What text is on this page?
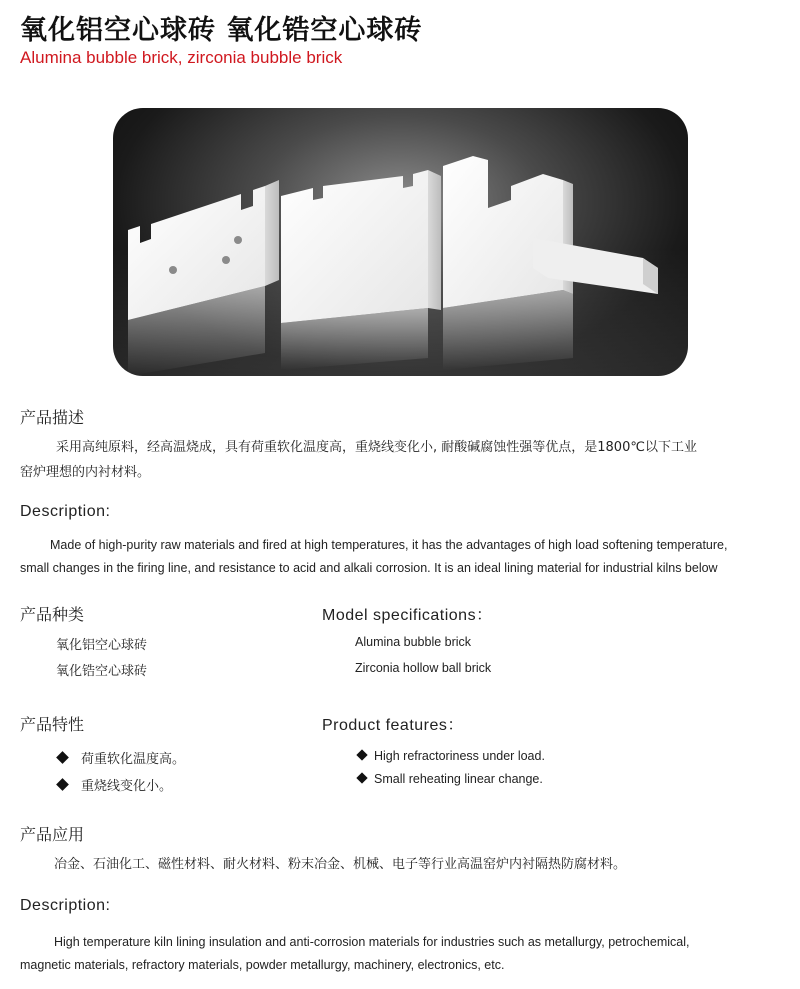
氧化铝空心球砖 氧化锆空心球砖
Alumina bubble brick, zirconia bubble brick
产品描述
采用高纯原料，经高温烧成，具有荷重软化温度高，重烧线变化小, 耐酸碱腐蚀性强等优点，是1800℃以下工业
窑炉理想的内衬材料。
Description:
Made of high-purity raw materials and fired at high temperatures, it has the advantages of high load softening temperature,
small changes in the firing line, and resistance to acid and alkali corrosion. It is an ideal lining material for industrial kilns below
产品种类	Model specifications：
氧化铝空心球砖
氧化锆空心球砖
Alumina bubble brick
Zirconia hollow ball brick
产品特性	Product features：
荷重软化温度高。
重烧线变化小。
High refractoriness under load.
Small reheating linear change.
产品应用
冶金、石油化工、磁性材料、耐火材料、粉末冶金、机械、电子等行业高温窑炉内衬隔热防腐材料。
Description:
High temperature kiln lining insulation and anti-corrosion materials for industries such as metallurgy, petrochemical,
magnetic materials, refractory materials, powder metallurgy, machinery, electronics, etc.
